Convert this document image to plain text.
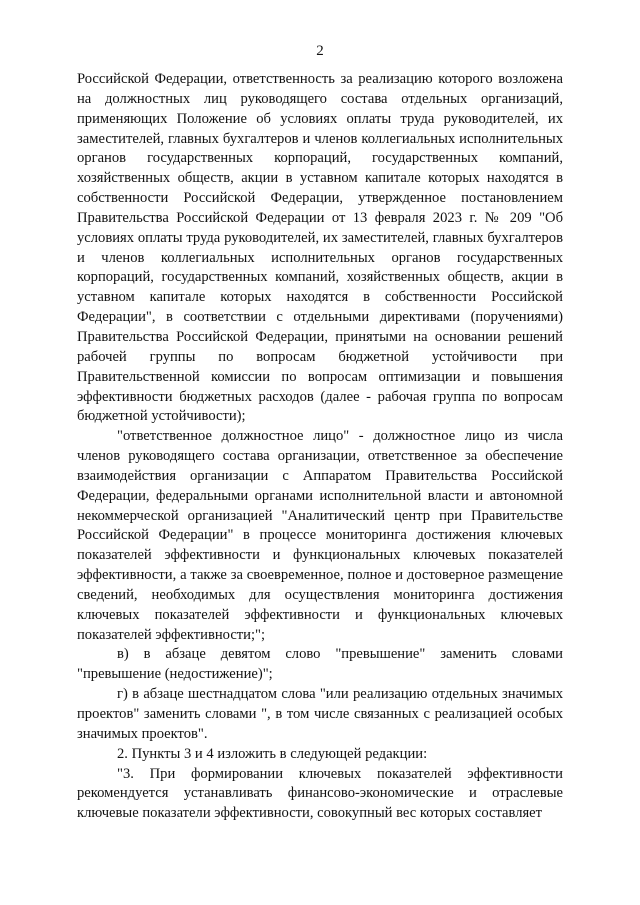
2

Российской Федерации, ответственность за реализацию которого возложена на должностных лиц руководящего состава отдельных организаций, применяющих Положение об условиях оплаты труда руководителей, их заместителей, главных бухгалтеров и членов коллегиальных исполнительных органов государственных корпораций, государственных компаний, хозяйственных обществ, акции в уставном капитале которых находятся в собственности Российской Федерации, утвержденное постановлением Правительства Российской Федерации от 13 февраля 2023 г. № 209 "Об условиях оплаты труда руководителей, их заместителей, главных бухгалтеров и членов коллегиальных исполнительных органов государственных корпораций, государственных компаний, хозяйственных обществ, акции в уставном капитале которых находятся в собственности Российской Федерации", в соответствии с отдельными директивами (поручениями) Правительства Российской Федерации, принятыми на основании решений рабочей группы по вопросам бюджетной устойчивости при Правительственной комиссии по вопросам оптимизации и повышения эффективности бюджетных расходов (далее - рабочая группа по вопросам бюджетной устойчивости);

"ответственное должностное лицо" - должностное лицо из числа членов руководящего состава организации, ответственное за обеспечение взаимодействия организации с Аппаратом Правительства Российской Федерации, федеральными органами исполнительной власти и автономной некоммерческой организацией "Аналитический центр при Правительстве Российской Федерации" в процессе мониторинга достижения ключевых показателей эффективности и функциональных ключевых показателей эффективности, а также за своевременное, полное и достоверное размещение сведений, необходимых для осуществления мониторинга достижения ключевых показателей эффективности и функциональных ключевых показателей эффективности;";

в) в абзаце девятом слово "превышение" заменить словами "превышение (недостижение)";

г) в абзаце шестнадцатом слова "или реализацию отдельных значимых проектов" заменить словами ", в том числе связанных с реализацией особых значимых проектов".

2. Пункты 3 и 4 изложить в следующей редакции:

"3. При формировании ключевых показателей эффективности рекомендуется устанавливать финансово-экономические и отраслевые ключевые показатели эффективности, совокупный вес которых составляет
